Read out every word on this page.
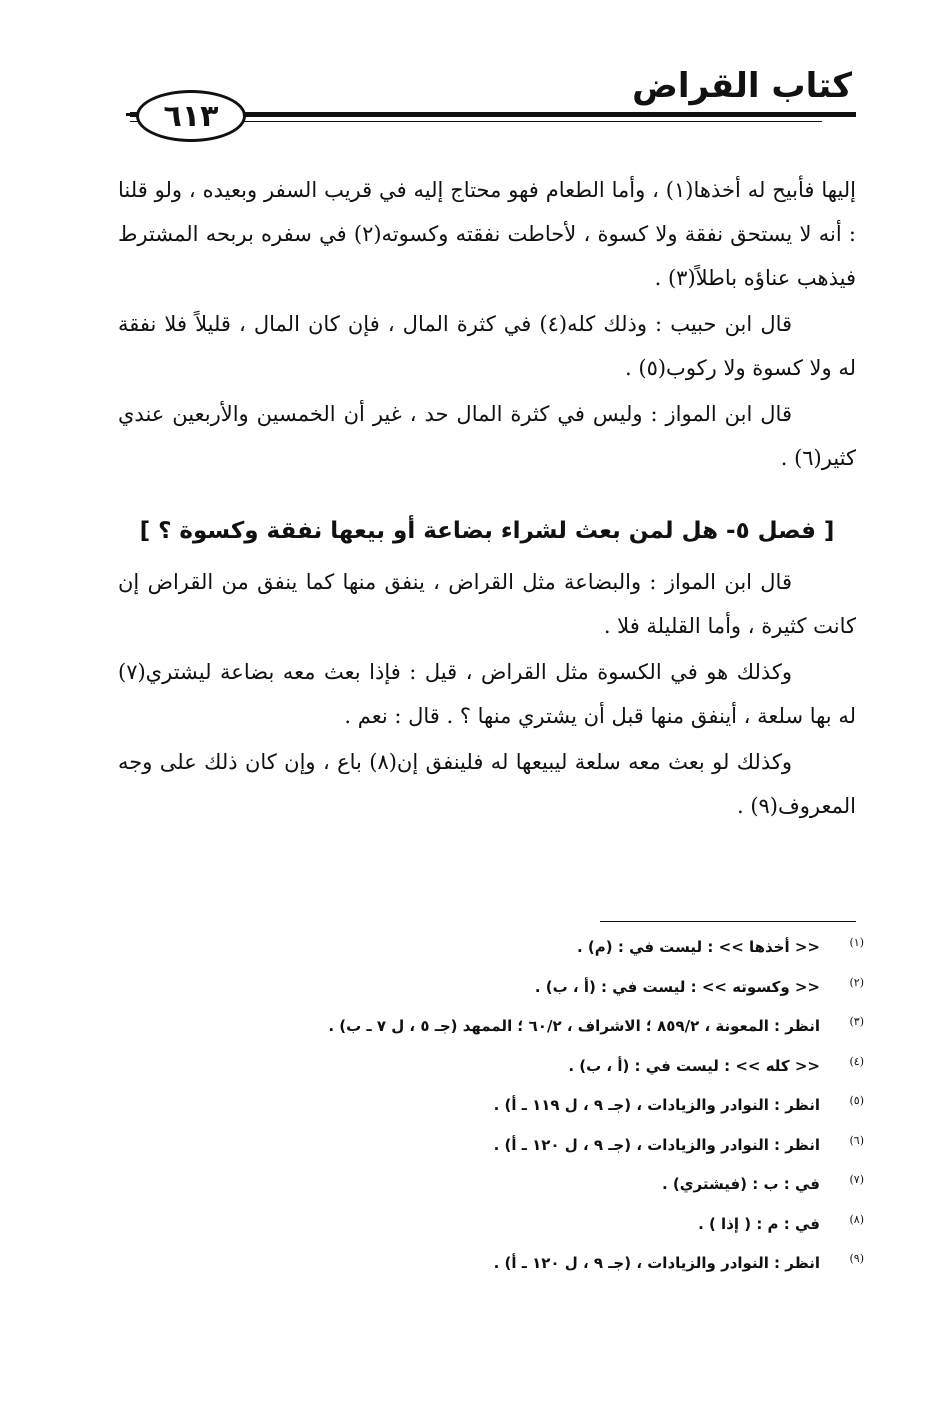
كتاب القراض
٦١٣

إليها فأبيح له أخذها(١) ، وأما الطعام فهو محتاج إليه في قريب السفر وبعيده ، ولو قلنا : أنه لا يستحق نفقة ولا كسوة ، لأحاطت نفقته وكسوته(٢) في سفره بربحه المشترط فيذهب عناؤه باطلاً(٣) .

قال ابن حبيب : وذلك كله(٤) في كثرة المال ، فإن كان المال ، قليلاً فلا نفقة له ولا كسوة ولا ركوب(٥) .

قال ابن المواز : وليس في كثرة المال حد ، غير أن الخمسين والأربعين عندي كثير(٦) .

[ فصل ٥- هل لمن بعث لشراء بضاعة أو بيعها نفقة وكسوة ؟ ]

قال ابن المواز : والبضاعة مثل القراض ، ينفق منها كما ينفق من القراض إن كانت كثيرة ، وأما القليلة فلا .

وكذلك هو في الكسوة مثل القراض ، قيل : فإذا بعث معه بضاعة ليشتري(٧) له بها سلعة ، أينفق منها قبل أن يشتري منها ؟ . قال : نعم .

وكذلك لو بعث معه سلعة ليبيعها له فلينفق إن(٨) باع ، وإن كان ذلك على وجه المعروف(٩) .

(١)
<< أخذها >> : ليست في : (م) .
(٢)
<< وكسوته >> : ليست في : (أ ، ب) .
(٣)
انظر : المعونة ، ٨٥٩/٢ ؛ الاشراف ، ٦٠/٢ ؛ الممهد (جـ ٥ ، ل ٧ ـ ب) .
(٤)
<< كله >> : ليست في : (أ ، ب) .
(٥)
انظر : النوادر والزيادات ، (جـ ٩ ، ل ١١٩ ـ أ) .
(٦)
انظر : النوادر والزيادات ، (جـ ٩ ، ل ١٢٠ ـ أ) .
(٧)
في : ب : (فيشتري) .
(٨)
في : م : ( إذا ) .
(٩)
انظر : النوادر والزيادات ، (جـ ٩ ، ل ١٢٠ ـ أ) .
